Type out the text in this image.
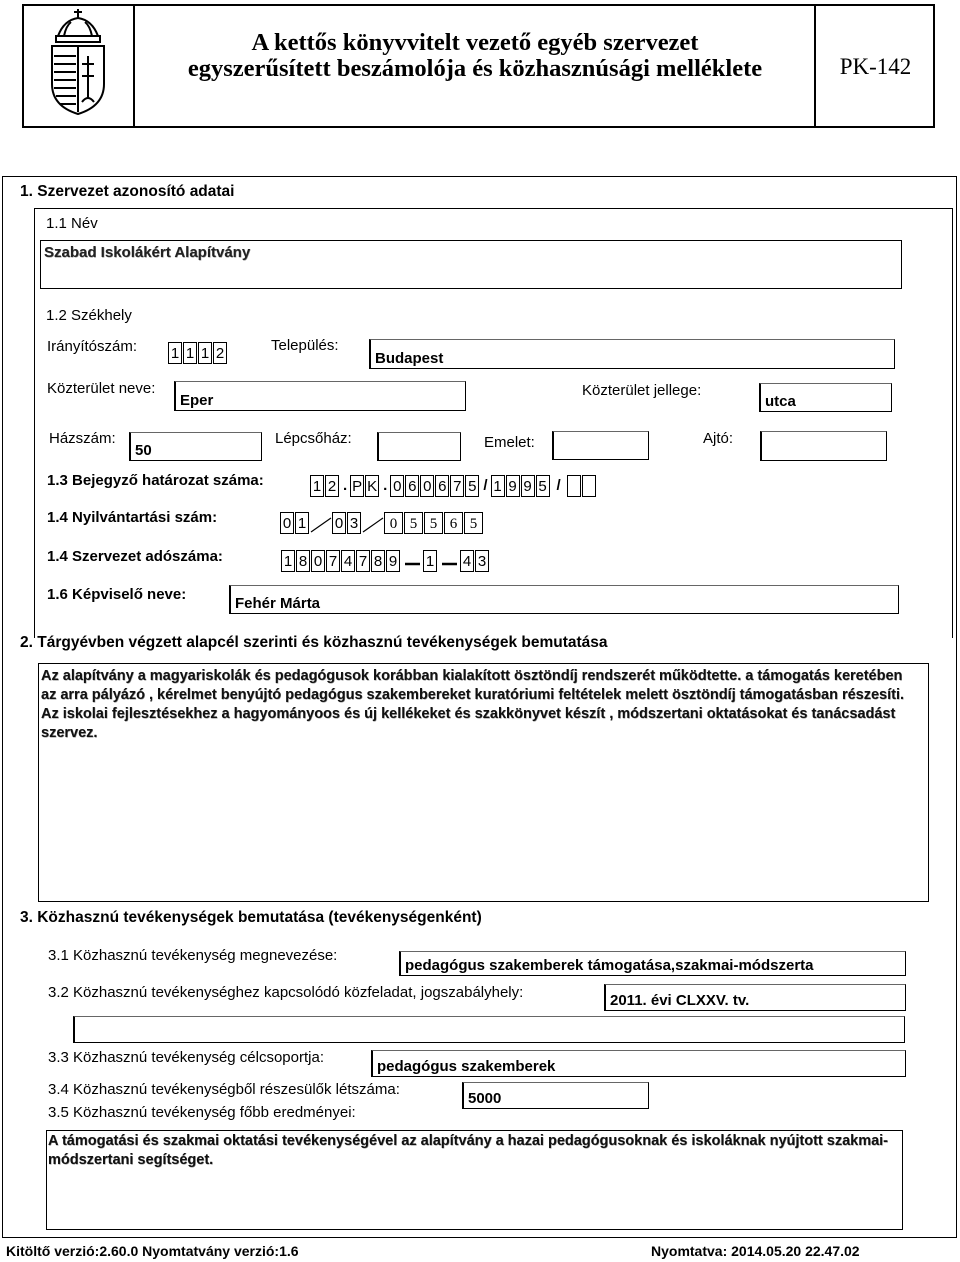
A kettős könyvvitelt vezető egyéb szervezet
egyszerűsített beszámolója és közhasznúsági melléklete	PK-142
1. Szervezet azonosító adatai
1.1 Név
Szabad Iskolákért Alapítvány
1.2 Székhely
Irányítószám: 1 1 1 2	Település:
Budapest
Közterület neve:
Eper
Közterület jellege:
utca
Házszám:
50
Lépcsőház:	Emelet:	Ajtó:
1.3 Bejegyző határozat száma:	1 2 . P K . 0 6 0 6 7 5 / 1 9 9 5 /
1.4 Nyilvántartási szám:	0 1 0 3	0 5 5 6 5
1.4 Szervezet adószáma:	1 8 0 7 4 7 8 9 1 4 3
1.6 Képviselő neve:
Fehér Márta
2. Tárgyévben végzett alapcél szerinti és közhasznú tevékenységek bemutatása
Az alapítvány a magyariskolák és pedagógusok korábban kialakított ösztöndíj rendszerét működtette. a támogatás keretében az arra pályázó , kérelmet benyújtó pedagógus szakembereket kuratóriumi feltételek melett ösztöndíj támogatásban részesíti. Az iskolai fejlesztésekhez a hagyományoos és új kellékeket és szakkönyvet készít , módszertani oktatásokat és tanácsadást szervez.
3. Közhasznú tevékenységek bemutatása (tevékenységenként)
3.1 Közhasznú tevékenység megnevezése:
pedagógus szakemberek támogatása,szakmai-módszerta
3.2 Közhasznú tevékenységhez kapcsolódó közfeladat, jogszabályhely:	2011. évi CLXXV. tv.
3.3 Közhasznú tevékenység célcsoportja:
pedagógus szakemberek
3.4 Közhasznú tevékenységből részesülők létszáma:
5000
3.5 Közhasznú tevékenység főbb eredményei:
A támogatási és szakmai oktatási tevékenységével az alapítvány a hazai pedagógusoknak és iskoláknak nyújtott szakmai-módszertani segítséget.
Kitöltő verzió:2.60.0 Nyomtatvány verzió:1.6	Nyomtatva: 2014.05.20 22.47.02
